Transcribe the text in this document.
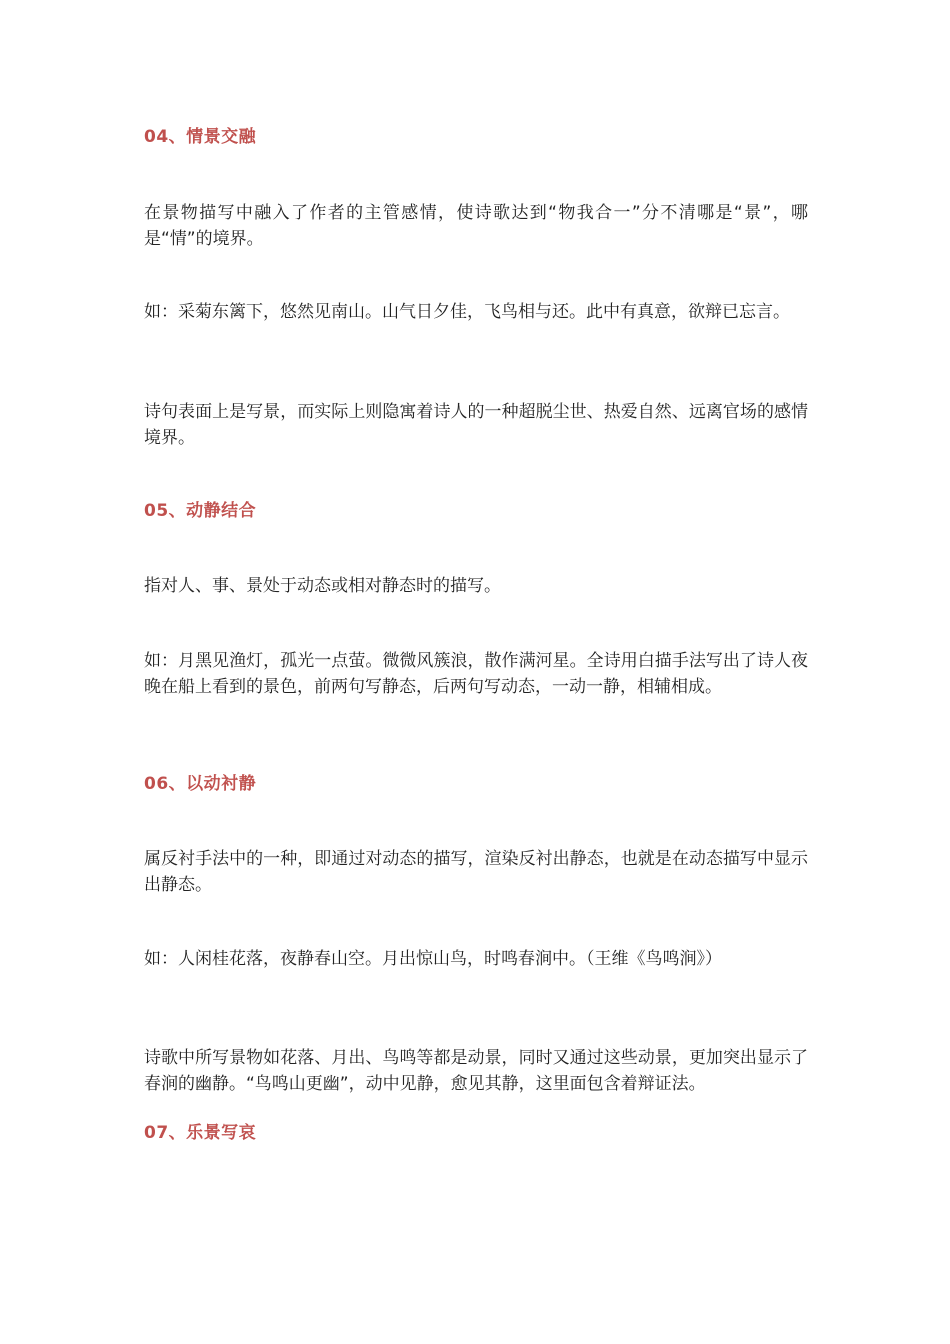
04、情景交融

在景物描写中融入了作者的主管感情，使诗歌达到“物我合一”分不清哪是“景”，哪是“情”的境界。

如：采菊东篱下，悠然见南山。山气日夕佳，飞鸟相与还。此中有真意，欲辩已忘言。

诗句表面上是写景，而实际上则隐寓着诗人的一种超脱尘世、热爱自然、远离官场的感情境界。

05、动静结合

指对人、事、景处于动态或相对静态时的描写。

如：月黑见渔灯，孤光一点萤。微微风簇浪，散作满河星。全诗用白描手法写出了诗人夜晚在船上看到的景色，前两句写静态，后两句写动态，一动一静，相辅相成。

06、以动衬静

属反衬手法中的一种，即通过对动态的描写，渲染反衬出静态，也就是在动态描写中显示出静态。

如：人闲桂花落，夜静春山空。月出惊山鸟，时鸣春涧中。（王维《鸟鸣涧》）

诗歌中所写景物如花落、月出、鸟鸣等都是动景，同时又通过这些动景，更加突出显示了春涧的幽静。“鸟鸣山更幽”，动中见静，愈见其静，这里面包含着辩证法。

07、乐景写哀
